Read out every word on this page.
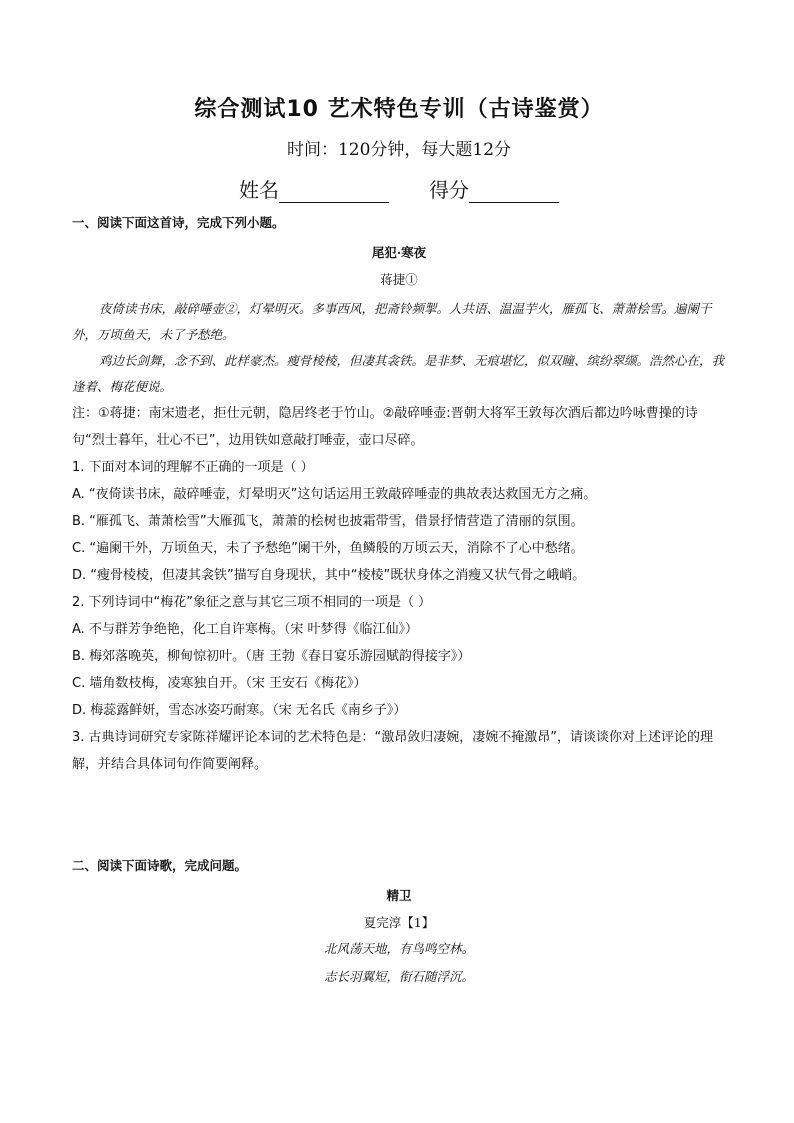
综合测试10 艺术特色专训（古诗鉴赏）
时间：120分钟，每大题12分
姓名	得分
一、阅读下面这首诗，完成下列小题。
尾犯·寒夜
蒋捷①

夜倚读书床，敲碎唾壶②，灯晕明灭。多事西风，把斋铃频掣。人共语、温温芋火，雁孤飞、萧萧桧雪。遍阑干外，万顷鱼天，未了予愁绝。

鸡边长剑舞，念不到、此样豪杰。瘦骨棱棱，但凄其衾铁。是非梦、无痕堪忆，似双瞳、缤纷翠缬。浩然心在，我逢着、梅花便说。

注：①蒋捷：南宋遗老，拒仕元朝，隐居终老于竹山。②敲碎唾壶:晋朝大将军王敦每次酒后都边吟咏曹操的诗句“烈士暮年，壮心不已”，边用铁如意敲打唾壶，壶口尽碎。

1. 下面对本词的理解不正确的一项是（ ）

A. “夜倚读书床，敲碎唾壶，灯晕明灭”这句话运用王敦敲碎唾壶的典故表达救国无方之痛。

B. “雁孤飞、萧萧桧雪”大雁孤飞，萧萧的桧树也披霜带雪，借景抒情营造了清丽的氛围。

C. “遍阑干外，万顷鱼天，未了予愁绝”阑干外，鱼鳞般的万顷云天，消除不了心中愁绪。

D. “瘦骨棱棱，但凄其衾铁”描写自身现状，其中“棱棱”既状身体之消瘦又状气骨之峨峭。

2. 下列诗词中“梅花”象征之意与其它三项不相同的一项是（ ）

A. 不与群芳争绝艳，化工自许寒梅。（宋 叶梦得《临江仙》）

B. 梅郊落晚英，柳甸惊初叶。（唐 王勃《春日宴乐游园赋韵得接字》）

C. 墙角数枝梅，凌寒独自开。（宋 王安石《梅花》）

D. 梅蕊露鲜妍，雪态冰姿巧耐寒。（宋 无名氏《南乡子》）

3. 古典诗词研究专家陈祥耀评论本词的艺术特色是：“激昂敛归凄婉，凄婉不掩激昂”，请谈谈你对上述评论的理解，并结合具体词句作简要阐释。

二、阅读下面诗歌，完成问题。
精卫
夏完淳【1】
北风荡天地，有鸟鸣空林。
志长羽翼短，衔石随浮沉。
